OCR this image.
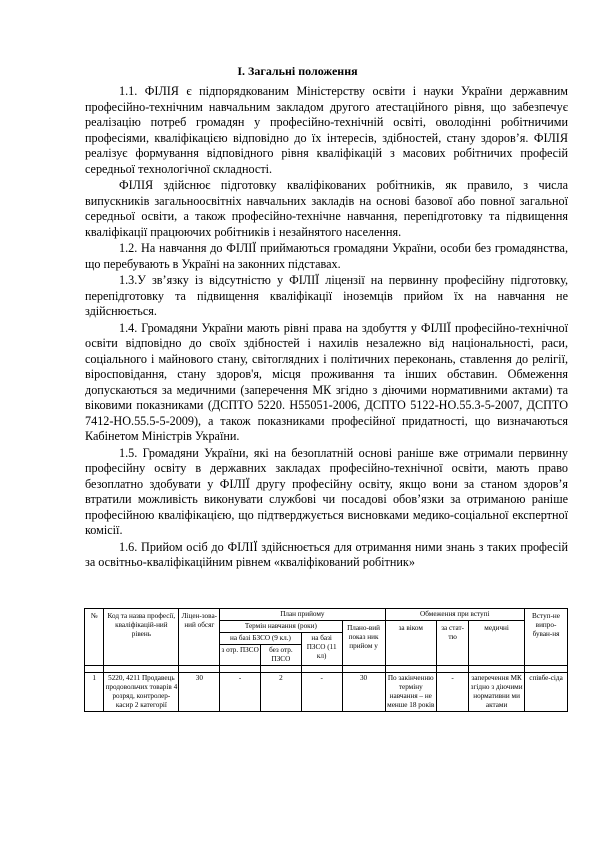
І. Загальні положення

1.1. ФІЛІЯ є підпорядкованим Міністерству освіти і науки України державним професійно-технічним навчальним закладом другого атестаційного рівня, що забезпечує реалізацію потреб громадян у професійно-технічній освіті, оволодінні робітничими професіями, кваліфікацією відповідно до їх інтересів, здібностей, стану здоров’я. ФІЛІЯ реалізує формування відповідного рівня кваліфікацій з масових робітничих професій середньої технологічної складності.

ФІЛІЯ здійснює підготовку кваліфікованих робітників, як правило, з числа випускників загальноосвітніх навчальних закладів на основі базової або повної загальної середньої освіти, а також професійно-технічне навчання, перепідготовку та підвищення кваліфікації працюючих робітників і незайнятого населення.

1.2. На навчання до ФІЛІЇ приймаються громадяни України, особи без громадянства, що перебувають в Україні на законних підставах.

1.3.У зв’язку із відсутністю у ФІЛІЇ ліцензії на первинну професійну підготовку, перепідготовку та підвищення кваліфікації іноземців прийом їх на навчання не здійснюється.

1.4. Громадяни України мають рівні права на здобуття у ФІЛІЇ професійно-технічної освіти відповідно до своїх здібностей і нахилів незалежно від національності, раси, соціального і майнового стану, світоглядних і політичних переконань, ставлення до релігії, віросповідання, стану здоров'я, місця проживання та інших обставин. Обмеження допускаються за медичними (заперечення МК згідно з діючими нормативними актами) та віковими показниками (ДСПТО 5220. Н55051-2006, ДСПТО 5122-НО.55.3-5-2007, ДСПТО 7412-НО.55.5-5-2009), а також показниками професійної придатності, що визначаються Кабінетом Міністрів України.

1.5. Громадяни України, які на безоплатній основі раніше вже отримали первинну професійну освіту в державних закладах професійно-технічної освіти, мають право безоплатно здобувати у ФІЛІЇ другу професійну освіту, якщо вони за станом здоров’я втратили можливість виконувати службові чи посадові обов’язки за отриманою раніше професійною кваліфікацією, що підтверджується висновками медико-соціальної експертної комісії.

1.6. Прийом осіб до ФІЛІЇ здійснюється для отримання ними знань з таких професій за освітньо-кваліфікаційним рівнем «кваліфікований робітник»

№	Код та назва професії, кваліфікацій-ний рівень	Ліцен-зова-ний обсяг	План прийому				Обмеження при вступі			Вступ-не випро-буван-ня
			Термін навчання (роки)			Плано-вий показ ник прийом у	за віком	за стат-тю	медичні	
			на базі БЗСО (9 кл.)		на базі ПЗСО (11 кл)					
			з отр. ПЗСО	без отр. ПЗСО						

1	5220, 4211 Продавець продовольчих товарів 4 розряд, контролер-касир 2 категорії	30	-	2	-	30	По закінченню терміну навчання – не менше 18 років	-	заперечення МК згідно з діючими нормативни ми актами	співбе-сіда
